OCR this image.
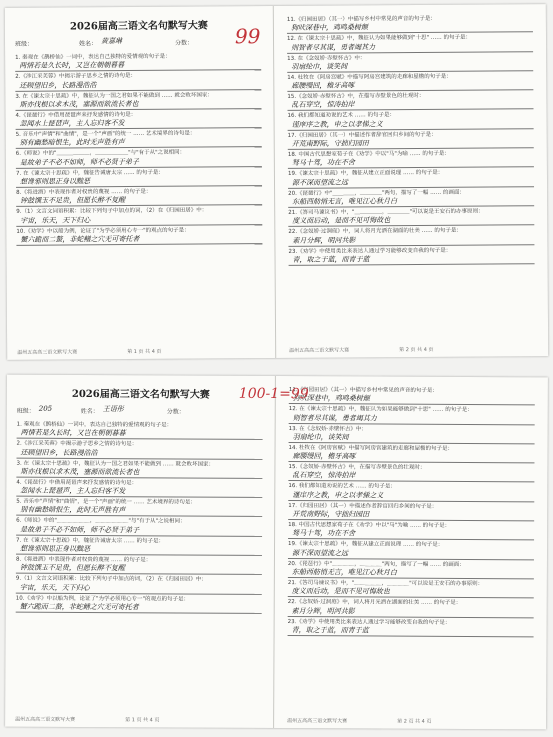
2026届高三语文名句默写大赛
班级：	姓名： 黄嘉琳	分数：
1. 秦观在《鹊桥仙》一词中，表达自己独特的爱情观的句子是：
两情若是久长时，又岂在朝朝暮暮
2.《涉江采芙蓉》中揭示游子思乡之情的诗句是：
还顾望旧乡，长路漫浩浩
3. 在《谏太宗十思疏》中，魏征认为一国之君如果不能做到 …… 就会败坏国家：
斯亦伐根以求木茂，塞源而欲流长者也
4.《琵琶行》中借用琵琶声来抒发感情的诗句是：
忽闻水上琵琶声，主人忘归客不发
5. 音乐中"声情"和"曲情"，是一个"声画"的统一 …… 艺术境界的诗句是：
别有幽愁暗恨生，此时无声胜有声
6.《师说》中的"＿＿＿＿＿＿，＿＿＿＿＿＿"与"有于从"之说相同：
是故弟子不必不如师，师不必贤于弟子
7. 在《谏太宗十思疏》中，魏征告诫唐太宗 …… 的句子是：
想谗邪则思正身以黜恶
8.《将进酒》中表现作者对权贵的蔑视 …… 的句子是：
钟鼓馔玉不足贵，但愿长醉不复醒
9.（1）文言文词语积累：比较下列句子中加点的词，（2）在《归园田居》中：
宇宙，乐天，天下归心
10.《劝学》中以船为例，论证了"为学必须用心专一"的观点的句子是：
蟹六跪而二螯，非蛇鳝之穴无可寄托者
温州五高高三语文默写大赛	第 1 页 共 4 页
11.《归园田居》（其一）中描写乡村中常见的声音的句子是：
狗吠深巷中，鸡鸣桑树颠
12. 在《谏太宗十思疏》中，魏征认为如果能够做到"十思" …… 的句子是：
则智者尽其谋，勇者竭其力
13. 在《念奴娇·赤壁怀古》中：
羽扇纶巾，谈笑间
14. 杜牧在《阿房宫赋》中描写阿房宫建筑的走廊和屋檐的句子是：
廊腰缦回，檐牙高啄
15.《念奴娇·赤壁怀古》中，在描写赤壁景色的壮观时：
乱石穿空，惊涛拍岸
16. 我们都知道劝说的艺术 …… 的句子是：
谨庠序之教，申之以孝悌之义
17.《归园田居》（其一）中描述作者辞官回归乡间的句子是：
开荒南野际，守拙归园田
18. 中国古代思想家荀子在《劝学》中以"马"为喻 …… 的句子是：
驽马十驾，功在不舍
19.《谏太宗十思疏》中，魏征从建立正面说理 …… 的句子是：
源不深而望流之远
20.《琵琶行》中"＿＿＿＿，＿＿＿＿"两句，描写了一幅 …… 的画面：
东船西舫悄无言，唯见江心秋月白
21.《答司马谏议书》中，"＿＿＿＿＿，＿＿＿＿"可以说是王安石的办事原则：
度义而后动，是而不见可悔故也
22.《念奴娇·过洞庭》中，词人将月光洒在湖面的壮美 …… 的句子是：
素月分辉，明河共影
23.《劝学》中使用类比来表达人通过学习能够改变自我的句子是：
青，取之于蓝，而青于蓝
温州五高高三语文默写大赛	第 2 页 共 4 页
99
2026届高三语文名句默写大赛
班级： 205	姓名： 王语彤	分数：
1. 秦观在《鹊桥仙》一词中，表达自己独特的爱情观的句子是：
两情若是久长时，又岂在朝朝暮暮
2.《涉江采芙蓉》中揭示游子思乡之情的诗句是：
还顾望旧乡，长路漫浩浩
3. 在《谏太宗十思疏》中，魏征认为一国之君如果不能做到 …… 就会败坏国家：
斯亦伐根以求木茂，塞源而欲流长者也
4.《琵琶行》中借用琵琶声来抒发感情的诗句是：
忽闻水上琵琶声，主人忘归客不发
5. 音乐中"声情"和"曲情"，是一个"声画"的统一 …… 艺术境界的诗句是：
别有幽愁暗恨生，此时无声胜有声
6.《师说》中的"＿＿＿＿＿＿，＿＿＿＿＿＿"与"有于从"之说相同：
是故弟子不必不如师，师不必贤于弟子
7. 在《谏太宗十思疏》中，魏征告诫唐太宗 …… 的句子是：
想谗邪则思正身以黜恶
8.《将进酒》中表现作者对权贵的蔑视 …… 的句子是：
钟鼓馔玉不足贵，但愿长醉不复醒
9.（1）文言文词语积累：比较下列句子中加点的词，（2）在《归园田居》中：
宇宙，乐天，天下归心
10.《劝学》中以船为例，论证了"为学必须用心专一"的观点的句子是：
蟹六跪而二螯，非蛇鳝之穴无可寄托者
温州五高高三语文默写大赛	第 1 页 共 4 页
11.《归园田居》（其一）中描写乡村中常见的声音的句子是：
狗吠深巷中，鸡鸣桑树颠
12. 在《谏太宗十思疏》中，魏征认为如果能够做到"十思" …… 的句子是：
则智者尽其谋，勇者竭其力
13. 在《念奴娇·赤壁怀古》中：
羽扇纶巾，谈笑间
14. 杜牧在《阿房宫赋》中描写阿房宫建筑的走廊和屋檐的句子是：
廊腰缦回，檐牙高啄
15.《念奴娇·赤壁怀古》中，在描写赤壁景色的壮观时：
乱石穿空，惊涛拍岸
16. 我们都知道劝说的艺术 …… 的句子是：
谨庠序之教，申之以孝悌之义
17.《归园田居》（其一）中描述作者辞官回归乡间的句子是：
开荒南野际，守拙归园田
18. 中国古代思想家荀子在《劝学》中以"马"为喻 …… 的句子是：
驽马十驾，功在不舍
19.《谏太宗十思疏》中，魏征从建立正面说理 …… 的句子是：
源不深而望流之远
20.《琵琶行》中"＿＿＿＿，＿＿＿＿"两句，描写了一幅 …… 的画面：
东船西舫悄无言，唯见江心秋月白
21.《答司马谏议书》中，"＿＿＿＿＿，＿＿＿＿"可以说是王安石的办事原则：
度义而后动，是而不见可悔故也
22.《念奴娇·过洞庭》中，词人将月光洒在湖面的壮美 …… 的句子是：
素月分辉，明河共影
23.《劝学》中使用类比来表达人通过学习能够改变自我的句子是：
青，取之于蓝，而青于蓝
温州五高高三语文默写大赛	第 2 页 共 4 页
100-1=99
